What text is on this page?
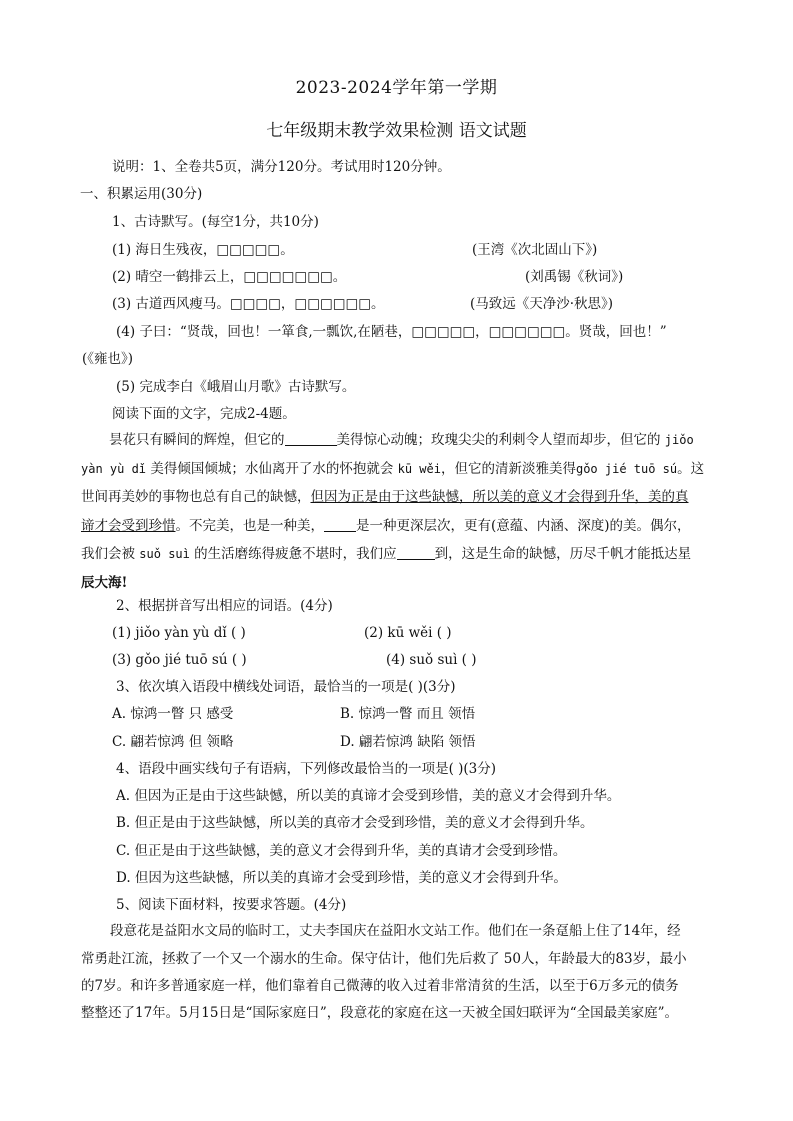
2023-2024学年第一学期
七年级期末教学效果检测 语文试题
说明：1、全卷共5页，满分120分。考试用时120分钟。
一、积累运用(30分)
1、古诗默写。(每空1分，共10分)
(1) 海日生残夜，□□□□□。	(王湾《次北固山下》)
(2) 晴空一鹤排云上，□□□□□□□。	(刘禹锡《秋词》)
(3) 古道西风瘦马。□□□□，□□□□□□。	(马致远《天净沙·秋思》)
(4) 子曰：“贤哉，回也！一箪食,一瓢饮,在陋巷，□□□□□，□□□□□□。贤哉，回也！”
(《雍也》)
(5) 完成李白《峨眉山月歌》古诗默写。
阅读下面的文字，完成2-4题。
昙花只有瞬间的辉煌，但它的	美得惊心动魄；玫瑰尖尖的利刺令人望而却步，但它的 jiǒo
yàn yù dǐ 美得倾国倾城；水仙离开了水的怀抱就会 kū wěi，但它的清新淡雅美得gǒo jié tuō sú。这
世间再美妙的事物也总有自己的缺憾，但因为正是由于这些缺憾，所以美的意义才会得到升华，美的真
谛才会受到珍惜。不完美，也是一种美， 是一种更深层次，更有(意蕴、内涵、深度)的美。偶尔，
我们会被 suǒ suì 的生活磨练得疲惫不堪时，我们应	到，这是生命的缺憾，历尽千帆才能抵达星
辰大海!
2、根据拼音写出相应的词语。(4分)
(1) jiǒo yàn yù dǐ ( )	(2) kū wěi ( )
(3) gǒo jié tuō sú ( )	(4) suǒ suì ( )
3、依次填入语段中横线处词语，最恰当的一项是( )(3分)
A. 惊鸿一瞥 只 感受	B. 惊鸿一瞥 而且 领悟
C. 翩若惊鸿 但 领略	D. 翩若惊鸿 缺陷 领悟
4、语段中画实线句子有语病，下列修改最恰当的一项是( )(3分)
A. 但因为正是由于这些缺憾，所以美的真谛才会受到珍惜，美的意义才会得到升华。
B. 但正是由于这些缺憾，所以美的真帝才会受到珍惜，美的意义才会得到升华。
C. 但正是由于这些缺憾，美的意义才会得到升华，美的真请才会受到珍惜。
D. 但因为这些缺憾，所以美的真谛才会受到珍惜，美的意义才会得到升华。
5、阅读下面材料，按要求答题。(4分)
段意花是益阳水文局的临时工，丈夫李国庆在益阳水文站工作。他们在一条趸船上住了14年，经
常勇赴江流，拯救了一个又一个溺水的生命。保守估计，他们先后救了 50人，年龄最大的83岁，最小
的7岁。和许多普通家庭一样，他们靠着自己微薄的收入过着非常清贫的生活，以至于6万多元的债务
整整还了17年。5月15日是“国际家庭日”，段意花的家庭在这一天被全国妇联评为“全国最美家庭”。
